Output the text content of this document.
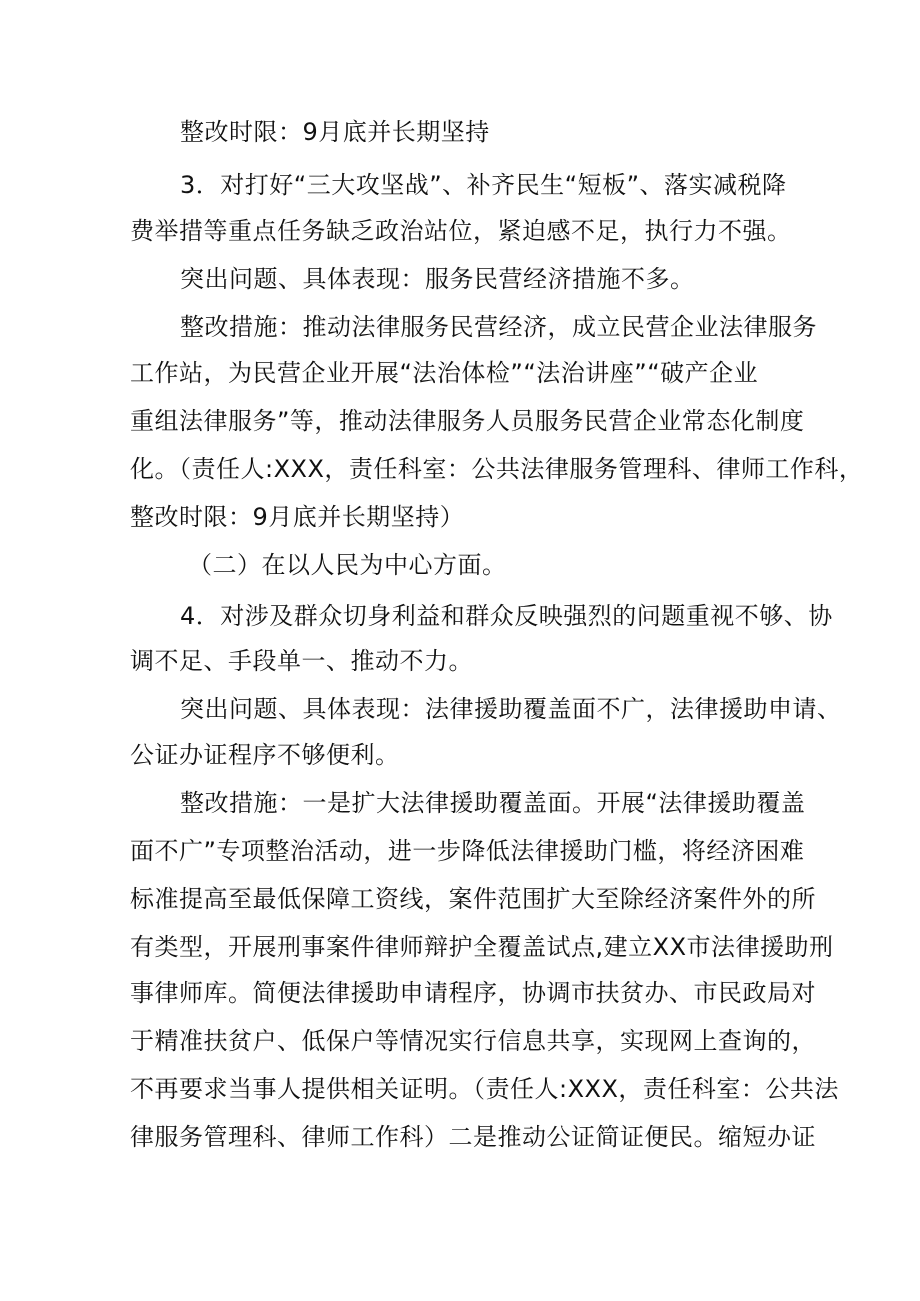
整改时限：9月底并长期坚持
3．对打好“三大攻坚战”、补齐民生“短板”、落实减税降
费举措等重点任务缺乏政治站位，紧迫感不足，执行力不强。
突出问题、具体表现：服务民营经济措施不多。
整改措施：推动法律服务民营经济，成立民营企业法律服务
工作站，为民营企业开展“法治体检”“法治讲座”“破产企业
重组法律服务”等，推动法律服务人员服务民营企业常态化制度
化。（责任人:XXX，责任科室：公共法律服务管理科、律师工作科，
整改时限：9月底并长期坚持）
（二）在以人民为中心方面。
4．对涉及群众切身利益和群众反映强烈的问题重视不够、协
调不足、手段单一、推动不力。
突出问题、具体表现：法律援助覆盖面不广，法律援助申请、
公证办证程序不够便利。
整改措施：一是扩大法律援助覆盖面。开展“法律援助覆盖
面不广”专项整治活动，进一步降低法律援助门槛，将经济困难
标准提高至最低保障工资线，案件范围扩大至除经济案件外的所
有类型，开展刑事案件律师辩护全覆盖试点,建立XX市法律援助刑
事律师库。简便法律援助申请程序，协调市扶贫办、市民政局对
于精准扶贫户、低保户等情况实行信息共享，实现网上查询的，
不再要求当事人提供相关证明。（责任人:XXX，责任科室：公共法
律服务管理科、律师工作科）二是推动公证简证便民。缩短办证
